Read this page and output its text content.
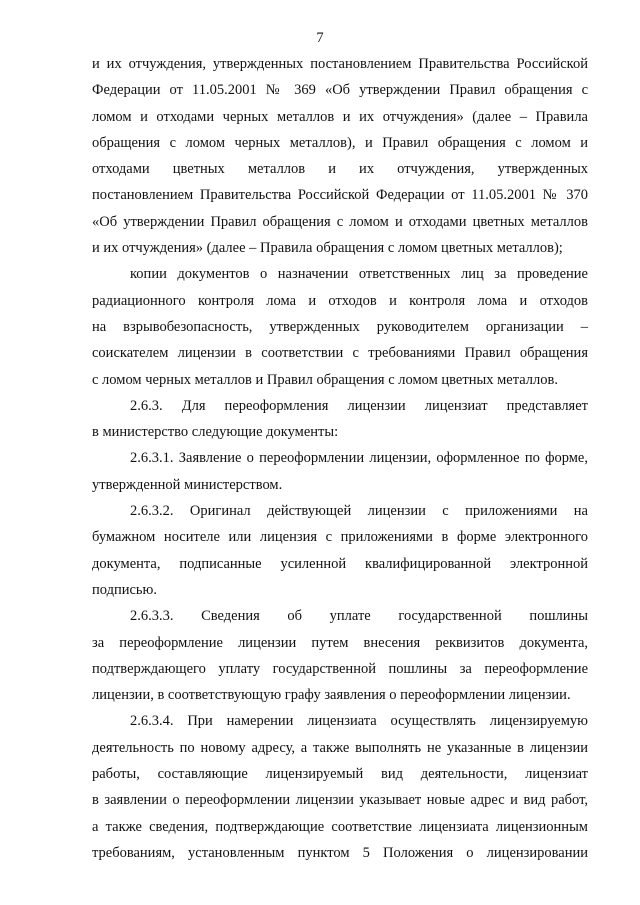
7

и их отчуждения, утвержденных постановлением Правительства Российской

Федерации от 11.05.2001 № 369 «Об утверждении Правил обращения с

ломом и отходами черных металлов и их отчуждения» (далее – Правила

обращения с ломом черных металлов), и Правил обращения с ломом и

отходами цветных металлов и их отчуждения, утвержденных

постановлением Правительства Российской Федерации от 11.05.2001 № 370

«Об утверждении Правил обращения с ломом и отходами цветных металлов

и их отчуждения» (далее – Правила обращения с ломом цветных металлов);

копии документов о назначении ответственных лиц за проведение

радиационного контроля лома и отходов и контроля лома и отходов

на взрывобезопасность, утвержденных руководителем организации –

соискателем лицензии в соответствии с требованиями Правил обращения

с ломом черных металлов и Правил обращения с ломом цветных металлов.

2.6.3. Для переоформления лицензии лицензиат представляет

в министерство следующие документы:

2.6.3.1. Заявление о переоформлении лицензии, оформленное по форме,

утвержденной министерством.

2.6.3.2. Оригинал действующей лицензии с приложениями на

бумажном носителе или лицензия с приложениями в форме электронного

документа, подписанные усиленной квалифицированной электронной

подписью.

2.6.3.3. Сведения об уплате государственной пошлины

за переоформление лицензии путем внесения реквизитов документа,

подтверждающего уплату государственной пошлины за переоформление

лицензии, в соответствующую графу заявления о переоформлении лицензии.

2.6.3.4. При намерении лицензиата осуществлять лицензируемую

деятельность по новому адресу, а также выполнять не указанные в лицензии

работы, составляющие лицензируемый вид деятельности, лицензиат

в заявлении о переоформлении лицензии указывает новые адрес и вид работ,

а также сведения, подтверждающие соответствие лицензиата лицензионным

требованиям, установленным пунктом 5 Положения о лицензировании
